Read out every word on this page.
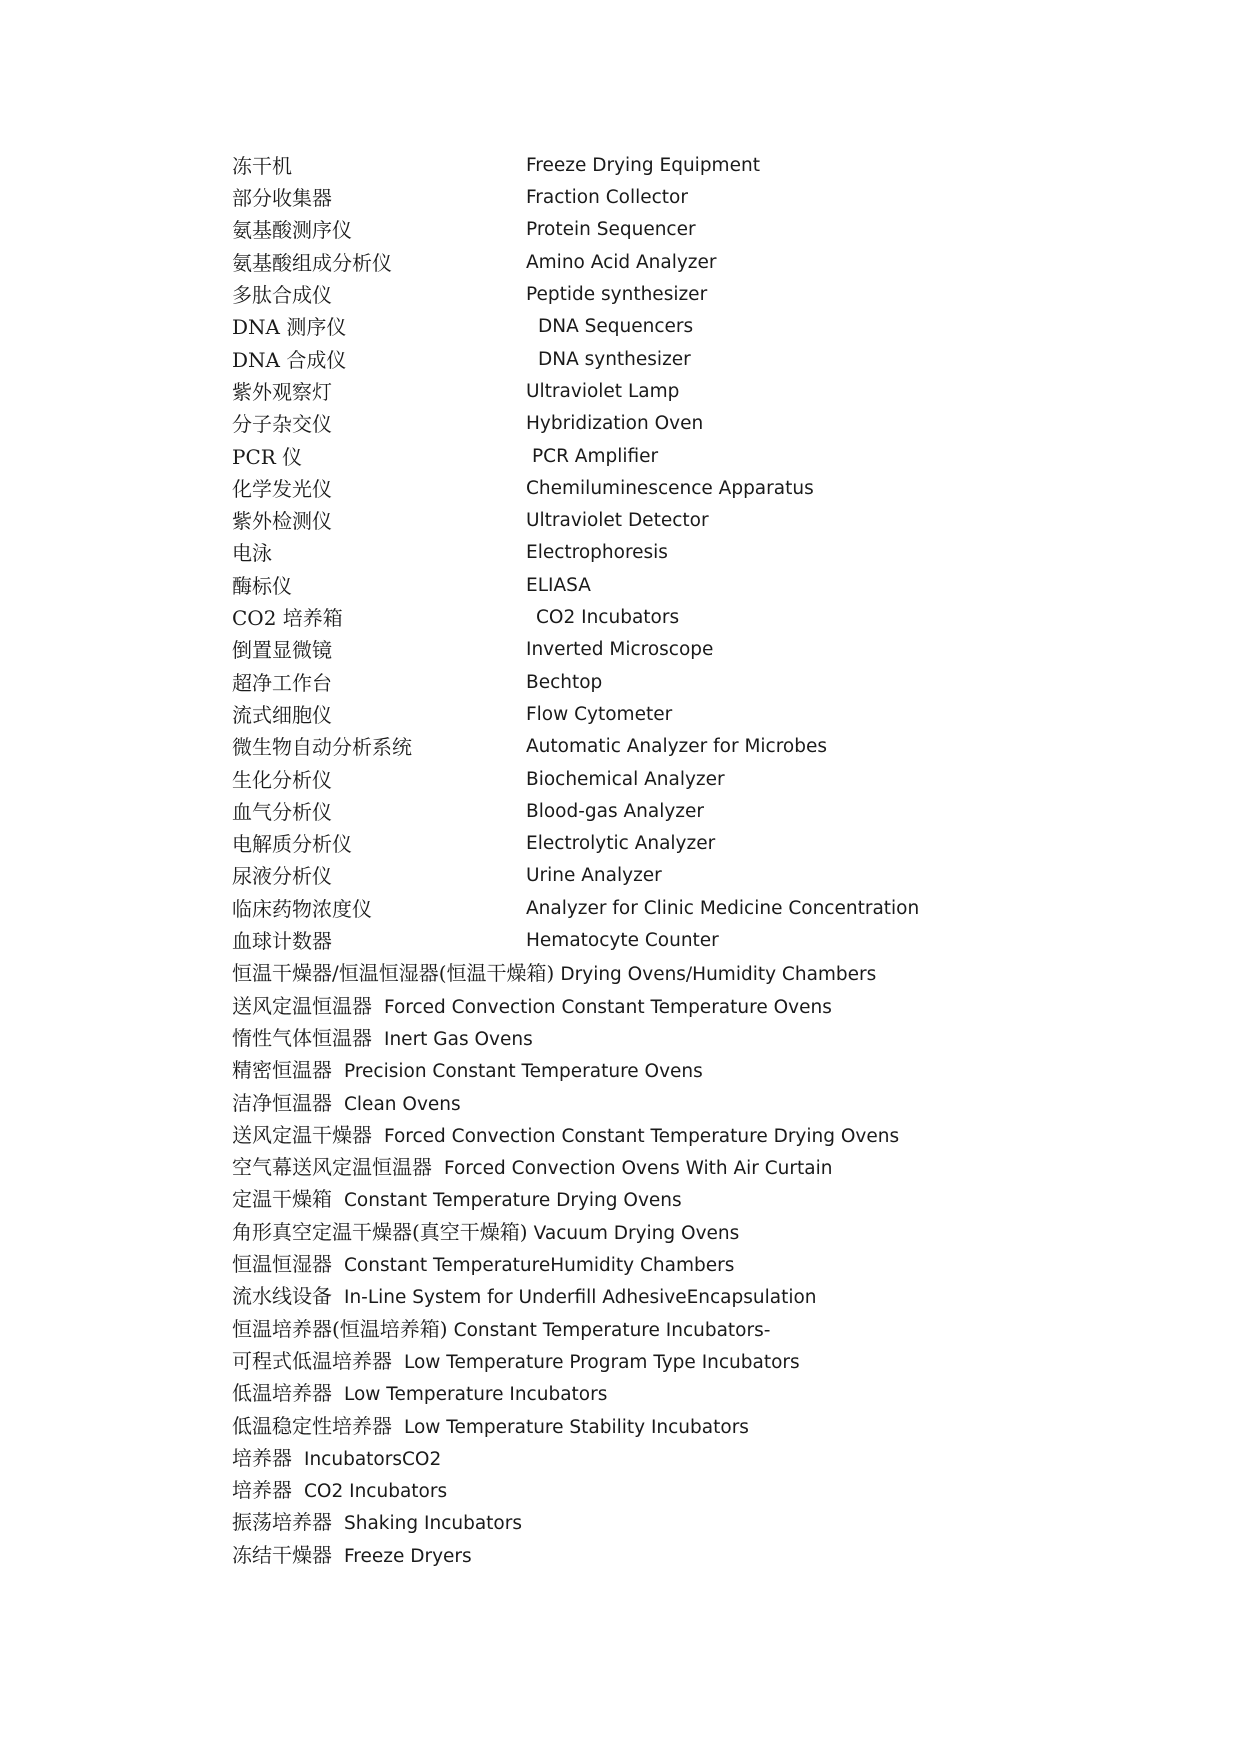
冻干机	Freeze Drying Equipment
部分收集器	Fraction Collector
氨基酸测序仪	Protein Sequencer
氨基酸组成分析仪	Amino Acid Analyzer
多肽合成仪	Peptide synthesizer
DNA 测序仪	DNA Sequencers
DNA 合成仪	DNA synthesizer
紫外观察灯	Ultraviolet Lamp
分子杂交仪	Hybridization Oven
PCR 仪	PCR Amplifier
化学发光仪	Chemiluminescence Apparatus
紫外检测仪	Ultraviolet Detector
电泳	Electrophoresis
酶标仪	ELIASA
CO2 培养箱	CO2 Incubators
倒置显微镜	Inverted Microscope
超净工作台	Bechtop
流式细胞仪	Flow Cytometer
微生物自动分析系统	Automatic Analyzer for Microbes
生化分析仪	Biochemical Analyzer
血气分析仪	Blood-gas Analyzer
电解质分析仪	Electrolytic Analyzer
尿液分析仪	Urine Analyzer
临床药物浓度仪	Analyzer for Clinic Medicine Concentration
血球计数器	Hematocyte Counter
恒温干燥器/恒温恒湿器(恒温干燥箱) Drying Ovens/Humidity Chambers
送风定温恒温器 Forced Convection Constant Temperature Ovens
惰性气体恒温器 Inert Gas Ovens
精密恒温器 Precision Constant Temperature Ovens
洁净恒温器 Clean Ovens
送风定温干燥器 Forced Convection Constant Temperature Drying Ovens
空气幕送风定温恒温器 Forced Convection Ovens With Air Curtain
定温干燥箱 Constant Temperature Drying Ovens
角形真空定温干燥器(真空干燥箱) Vacuum Drying Ovens
恒温恒湿器 Constant TemperatureHumidity Chambers
流水线设备 In-Line System for Underfill AdhesiveEncapsulation
恒温培养器(恒温培养箱) Constant Temperature Incubators-
可程式低温培养器 Low Temperature Program Type Incubators
低温培养器 Low Temperature Incubators
低温稳定性培养器 Low Temperature Stability Incubators
培养器 IncubatorsCO2
培养器 CO2 Incubators
振荡培养器 Shaking Incubators
冻结干燥器 Freeze Dryers
